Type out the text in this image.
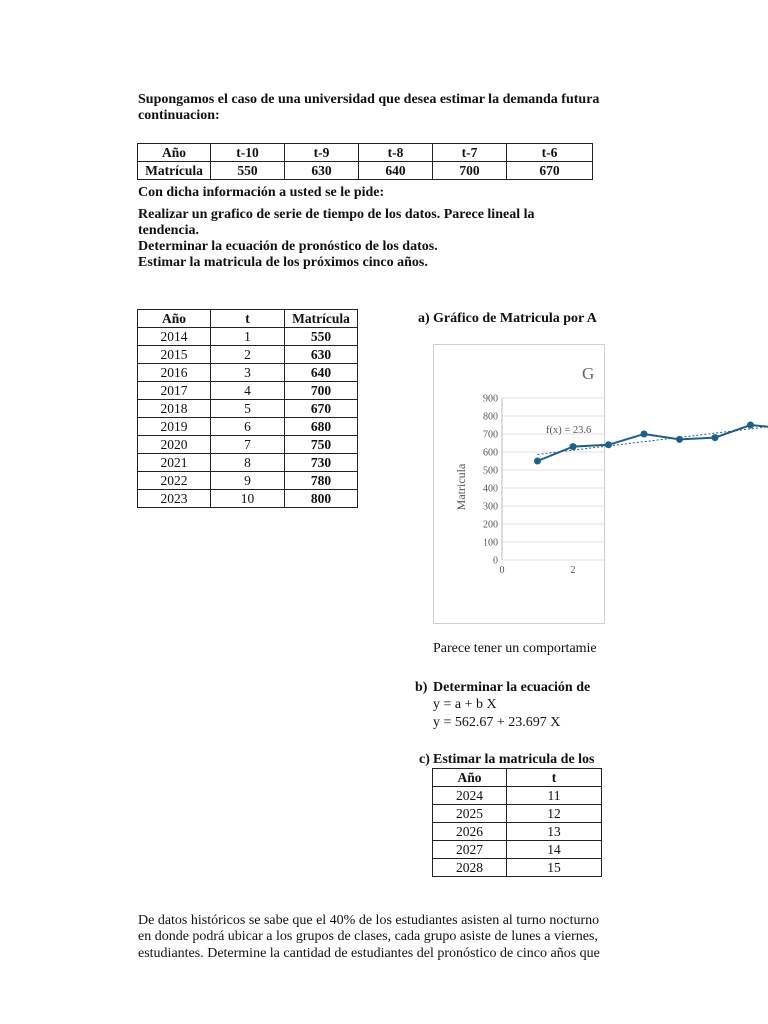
Supongamos el caso de una universidad que desea estimar la demanda futura
continuacion:
Año	t-10	t-9	t-8	t-7	t-6
Matrícula	550	630	640	700	670
Con dicha información a usted se le pide:
Realizar un grafico de serie de tiempo de los datos. Parece lineal la
tendencia.
Determinar la ecuación de pronóstico de los datos.
Estimar la matricula de los próximos cinco años.
Año	t	Matrícula
2014	1	550
2015	2	630
2016	3	640
2017	4	700
2018	5	670
2019	6	680
2020	7	750
2021	8	730
2022	9	780
2023	10	800
a) Gráfico de Matricula por A
G
900
800
700
600
500
400
300
200
100
0
0	2
Matricula
f(x) = 23.6
Parece tener un comportamie
b) Determinar la ecuación de
y = a + b X
y = 562.67 + 23.697 X
c) Estimar la matricula de los
Año	t
2024	11
2025	12
2026	13
2027	14
2028	15
De datos históricos se sabe que el 40% de los estudiantes asisten al turno nocturno
en donde podrá ubicar a los grupos de clases, cada grupo asiste de lunes a viernes,
estudiantes. Determine la cantidad de estudiantes del pronóstico de cinco años que
